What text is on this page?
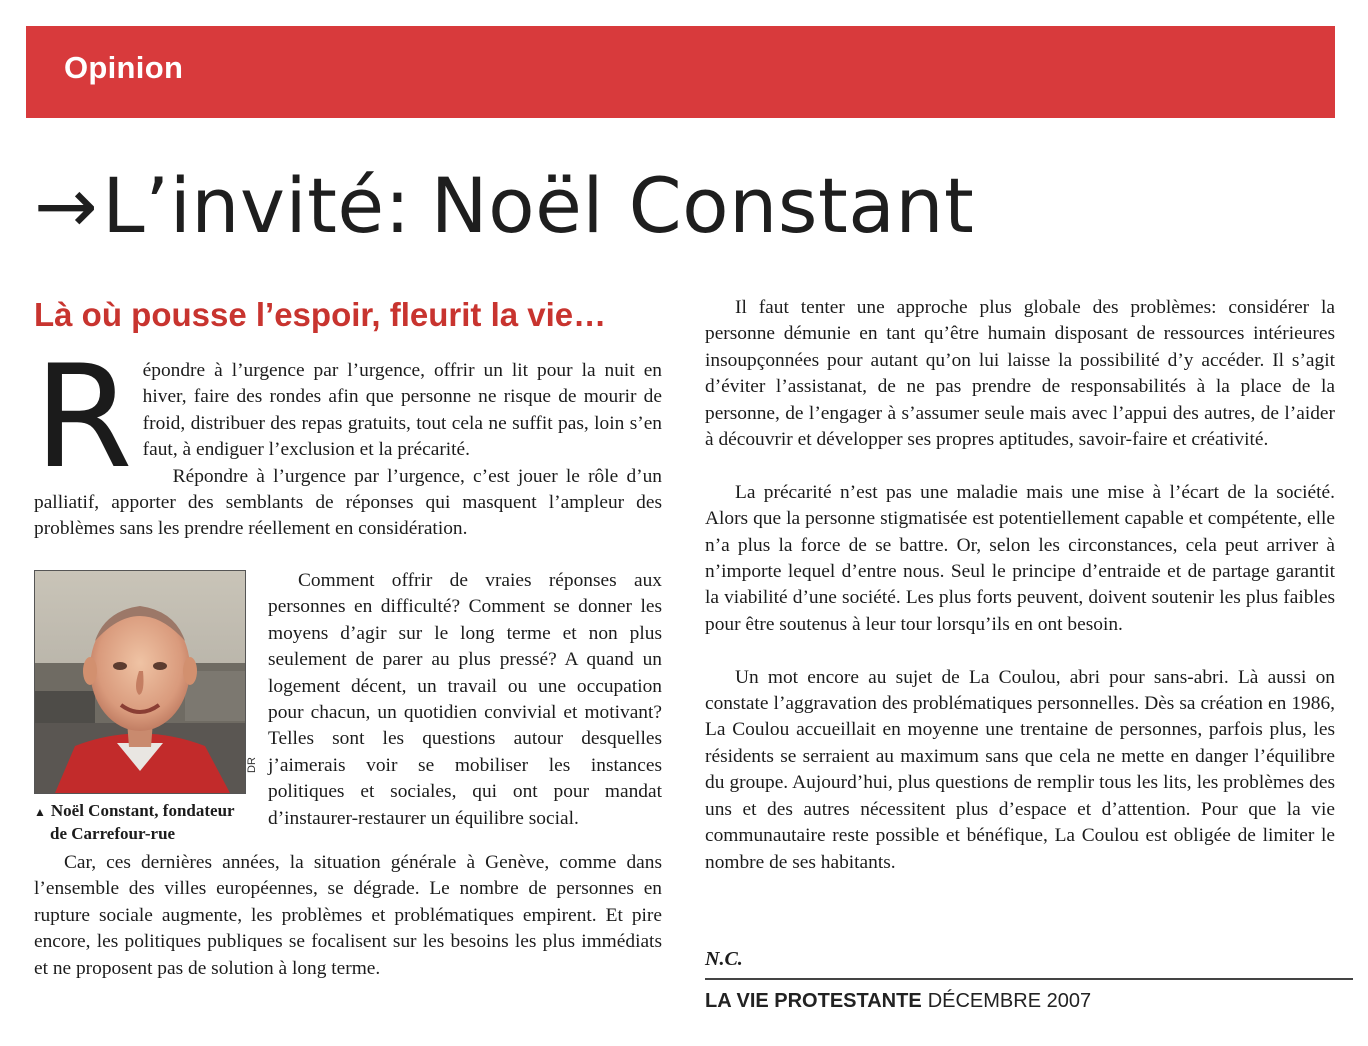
Opinion
→L’invité: Noël Constant
Là où pousse l’espoir, fleurit la vie…
R épondre à l’urgence par l’urgence, offrir un lit pour la nuit en hiver, faire des rondes afin que personne ne risque de mourir de froid, distribuer des repas gratuits, tout cela ne suffit pas, loin s’en faut, à endiguer l’exclusion et la précarité.

Répondre à l’urgence par l’urgence, c’est jouer le rôle d’un palliatif, apporter des semblants de réponses qui masquent l’ampleur des problèmes sans les prendre réellement en considération.

DR
▲ Noël Constant, fondateur
de Carrefour-rue

Comment offrir de vraies réponses aux personnes en difficulté? Comment se donner les moyens d’agir sur le long terme et non plus seulement de parer au plus pressé? A quand un logement décent, un travail ou une occupation pour chacun, un quotidien convivial et motivant? Telles sont les questions autour desquelles j’aimerais voir se mobiliser les instances politiques et sociales, qui ont pour mandat d’instaurer-restaurer un équilibre social.

Car, ces dernières années, la situation générale à Genève, comme dans l’ensemble des villes européennes, se dégrade. Le nombre de personnes en rupture sociale augmente, les problèmes et problématiques empirent. Et pire encore, les politiques publiques se focalisent sur les besoins les plus immédiats et ne proposent pas de solution à long terme.

Il faut tenter une approche plus globale des problèmes: considérer la personne démunie en tant qu’être humain disposant de ressources intérieures insoupçonnées pour autant qu’on lui laisse la possibilité d’y accéder. Il s’agit d’éviter l’assistanat, de ne pas prendre de responsabilités à la place de la personne, de l’engager à s’assumer seule mais avec l’appui des autres, de l’aider à découvrir et développer ses propres aptitudes, savoir-faire et créativité.

La précarité n’est pas une maladie mais une mise à l’écart de la société. Alors que la personne stigmatisée est potentiellement capable et compétente, elle n’a plus la force de se battre. Or, selon les circonstances, cela peut arriver à n’importe lequel d’entre nous. Seul le principe d’entraide et de partage garantit la viabilité d’une société. Les plus forts peuvent, doivent soutenir les plus faibles pour être soutenus à leur tour lorsqu’ils en ont besoin.

Un mot encore au sujet de La Coulou, abri pour sans-abri. Là aussi on constate l’aggravation des problématiques personnelles. Dès sa création en 1986, La Coulou accueillait en moyenne une trentaine de personnes, parfois plus, les résidents se serraient au maximum sans que cela ne mette en danger l’équilibre du groupe. Aujourd’hui, plus questions de remplir tous les lits, les problèmes des uns et des autres nécessitent plus d’espace et d’attention. Pour que la vie communautaire reste possible et bénéfique, La Coulou est obligée de limiter le nombre de ses habitants.

N.C.
LA VIE PROTESTANTE DÉCEMBRE 2007
